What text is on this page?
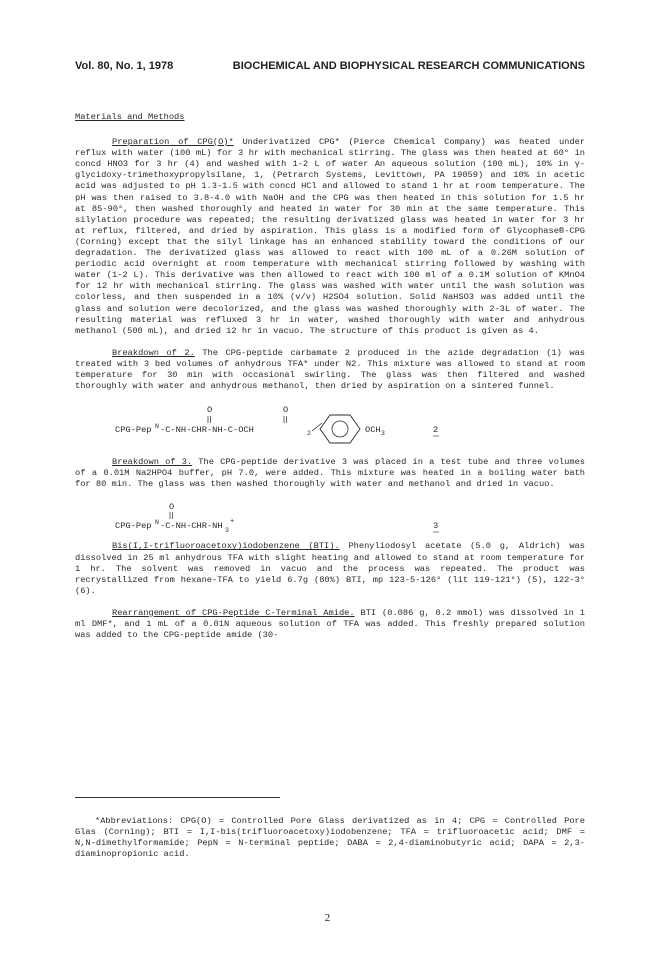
Vol. 80, No. 1, 1978	BIOCHEMICAL AND BIOPHYSICAL RESEARCH COMMUNICATIONS

Materials and Methods

Preparation of CPG(O)* Underivatized CPG* (Pierce Chemical Company) was heated under reflux with water (100 mL) for 3 hr with mechanical stirring. The glass was then heated at 60° in concd HNO3 for 3 hr (4) and washed with 1-2 L of water An aqueous solution (100 mL), 10% in γ-glycidoxy-trimethoxypropylsilane, 1, (Petrarch Systems, Levittown, PA 19059) and 10% in acetic acid was adjusted to pH 1.3-1.5 with concd HCl and allowed to stand 1 hr at room temperature. The pH was then raised to 3.8-4.0 with NaOH and the CPG was then heated in this solution for 1.5 hr at 85-90°, then washed thoroughly and heated in water for 30 min at the same temperature. This silylation procedure was repeated; the resulting derivatized glass was heated in water for 3 hr at reflux, filtered, and dried by aspiration. This glass is a modified form of Glycophase®-CPG (Corning) except that the silyl linkage has an enhanced stability toward the conditions of our degradation. The derivatized glass was allowed to react with 100 mL of a 0.26M solution of periodic acid overnight at room temperature with mechanical stirring followed by washing with water (1-2 L). This derivative was then allowed to react with 100 ml of a 0.1M solution of KMnO4 for 12 hr with mechanical stirring. The glass was washed with water until the wash solution was colorless, and then suspended in a 10% (v/v) H2SO4 solution. Solid NaHSO3 was added until the glass and solution were decolorized, and the glass was washed thoroughly with 2-3L of water. The resulting material was refluxed 3 hr in water, washed thoroughly with water and anhydrous methanol (500 mL), and dried 12 hr in vacuo. The structure of this product is given as 4.

Breakdown of 2. The CPG-peptide carbamate 2 produced in the azide degradation (1) was treated with 3 bed volumes of anhydrous TFA* under N2. This mixture was allowed to stand at room temperature for 30 min with occasional swirling. The glass was then filtered and washed thoroughly with water and anhydrous methanol, then dried by aspiration on a sintered funnel.

O	O
CPG-Pep N -C-NH-CHR-NH-C-OCH	2	OCH 3	2

Breakdown of 3. The CPG-peptide derivative 3 was placed in a test tube and three volumes of a 0.01M Na2HPO4 buffer, pH 7.0, were added. This mixture was heated in a boiling water bath for 80 min. The glass was then washed thoroughly with water and methanol and dried in vacuo.

O
CPG-Pep N -C-NH-CHR-NH 3
+	3

Bis(I,I-trifluoroacetoxy)iodobenzene (BTI). Phenyliodosyl acetate (5.0 g, Aldrich) was dissolved in 25 ml anhydrous TFA with slight heating and allowed to stand at room temperature for 1 hr. The solvent was removed in vacuo and the process was repeated. The product was recrystallized from hexane-TFA to yield 6.7g (80%) BTI, mp 123-5-126° (lit 119-121°) (5), 122-3° (6).

Rearrangement of CPG-Peptide C-Terminal Amide. BTI (0.086 g, 0.2 mmol) was dissolved in 1 ml DMF*, and 1 mL of a 0.01N aqueous solution of TFA was added. This freshly prepared solution was added to the CPG-peptide amide (30-

*Abbreviations: CPG(O) = Controlled Pore Glass derivatized as in 4; CPG = Controlled Pore Glas (Corning); BTI = I,I-bis(trifluoroacetoxy)iodobenzene; TFA = trifluoroacetic acid; DMF = N,N-dimethylformamide; PepN = N-terminal peptide; DABA = 2,4-diaminobutyric acid; DAPA = 2,3-diaminopropionic acid.

2
